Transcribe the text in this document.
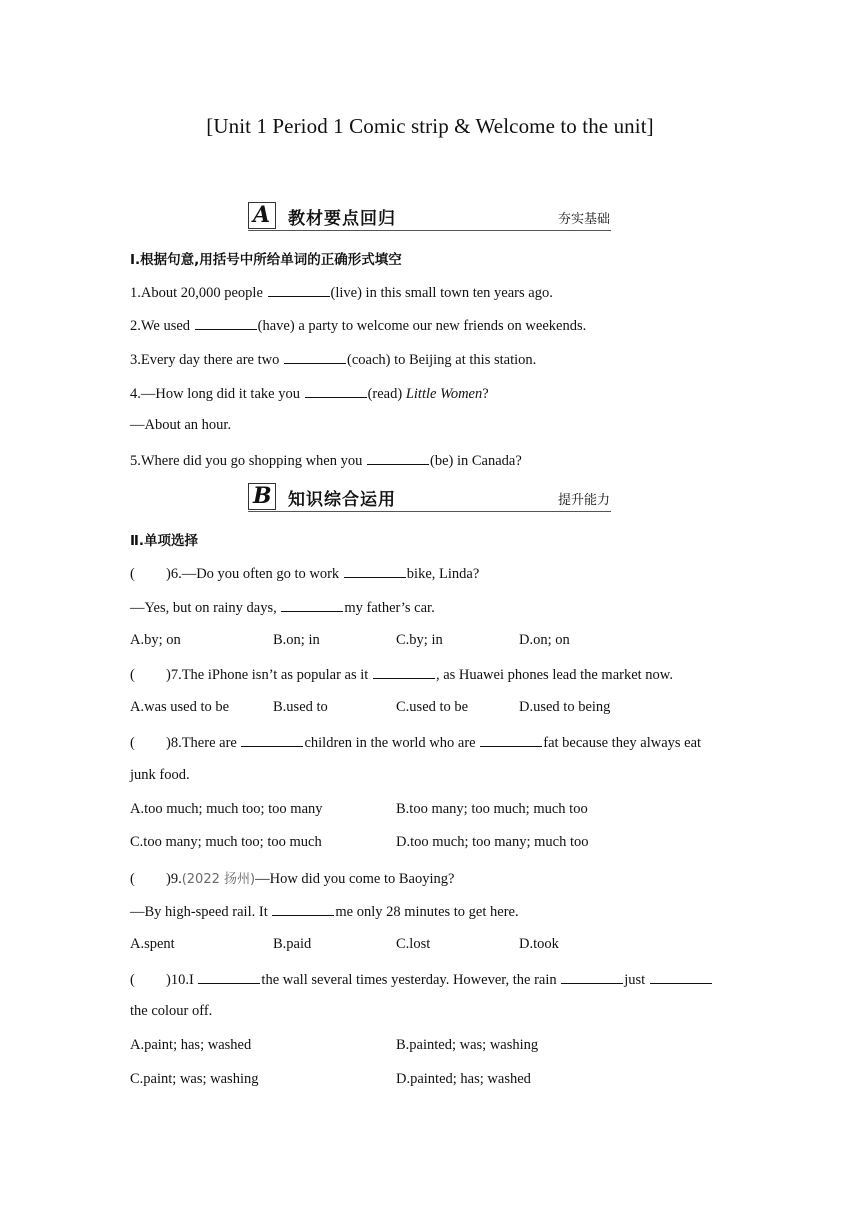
[Unit 1 Period 1 Comic strip & Welcome to the unit]
A 教材要点回归	夯实基础
Ⅰ.根据句意,用括号中所给单词的正确形式填空
1.About 20,000 people	(live) in this small town ten years ago.
2.We used	(have) a party to welcome our new friends on weekends.
3.Every day there are two	(coach) to Beijing at this station.
4.—How long did it take you	(read) Little Women?
—About an hour.
5.Where did you go shopping when you	(be) in Canada?
B 知识综合运用	提升能力
Ⅱ.单项选择
( )6.—Do you often go to work	bike, Linda?
—Yes, but on rainy days,	my father’s car.
A.by; on	B.on; in	C.by; in	D.on; on
( )7.The iPhone isn’t as popular as it	, as Huawei phones lead the market now.
A.was used to be	B.used to	C.used to be	D.used to being
( )8.There are	children in the world who are	fat because they always eat
junk food.
A.too much; much too; too many	B.too many; too much; much too
C.too many; much too; too much	D.too much; too many; much too
( )9.(2022 扬州)—How did you come to Baoying?
—By high-speed rail. It	me only 28 minutes to get here.
A.spent	B.paid	C.lost	D.took
( )10.I	the wall several times yesterday. However, the rain	just
the colour off.
A.paint; has; washed	B.painted; was; washing
C.paint; was; washing	D.painted; has; washed
